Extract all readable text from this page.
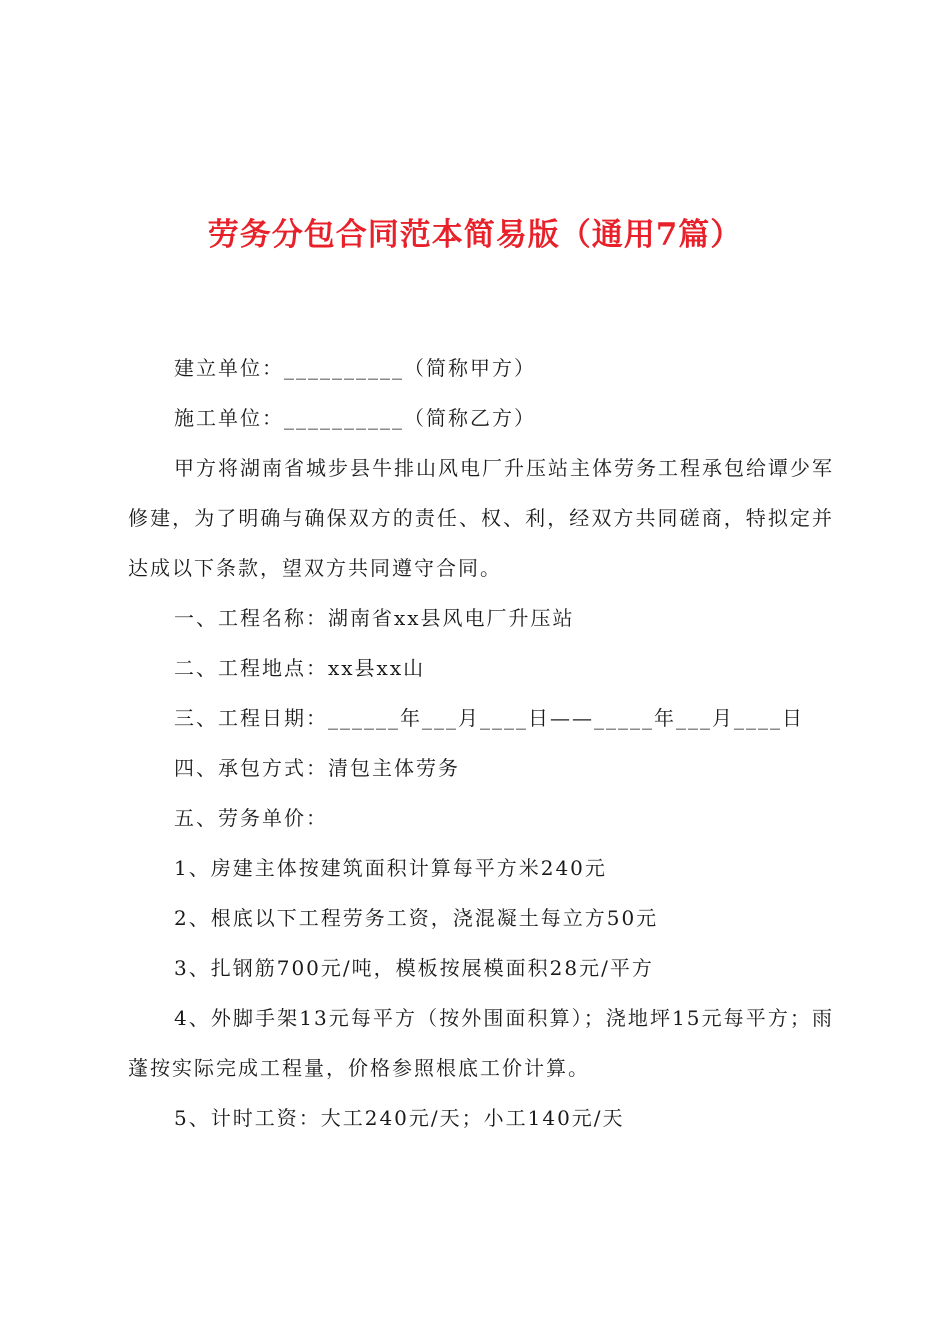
劳务分包合同范本简易版（通用7篇）

建立单位：__________（简称甲方）

施工单位：__________（简称乙方）

甲方将湖南省城步县牛排山风电厂升压站主体劳务工程承包给谭少军修建，为了明确与确保双方的责任、权、利，经双方共同磋商，特拟定并达成以下条款，望双方共同遵守合同。

一、工程名称：湖南省xx县风电厂升压站

二、工程地点：xx县xx山

三、工程日期：______年___月____日——_____年___月____日

四、承包方式：清包主体劳务

五、劳务单价：

1、房建主体按建筑面积计算每平方米240元

2、根底以下工程劳务工资，浇混凝土每立方50元

3、扎钢筋700元/吨，模板按展模面积28元/平方

4、外脚手架13元每平方（按外围面积算）；浇地坪15元每平方；雨蓬按实际完成工程量，价格参照根底工价计算。

5、计时工资：大工240元/天；小工140元/天
